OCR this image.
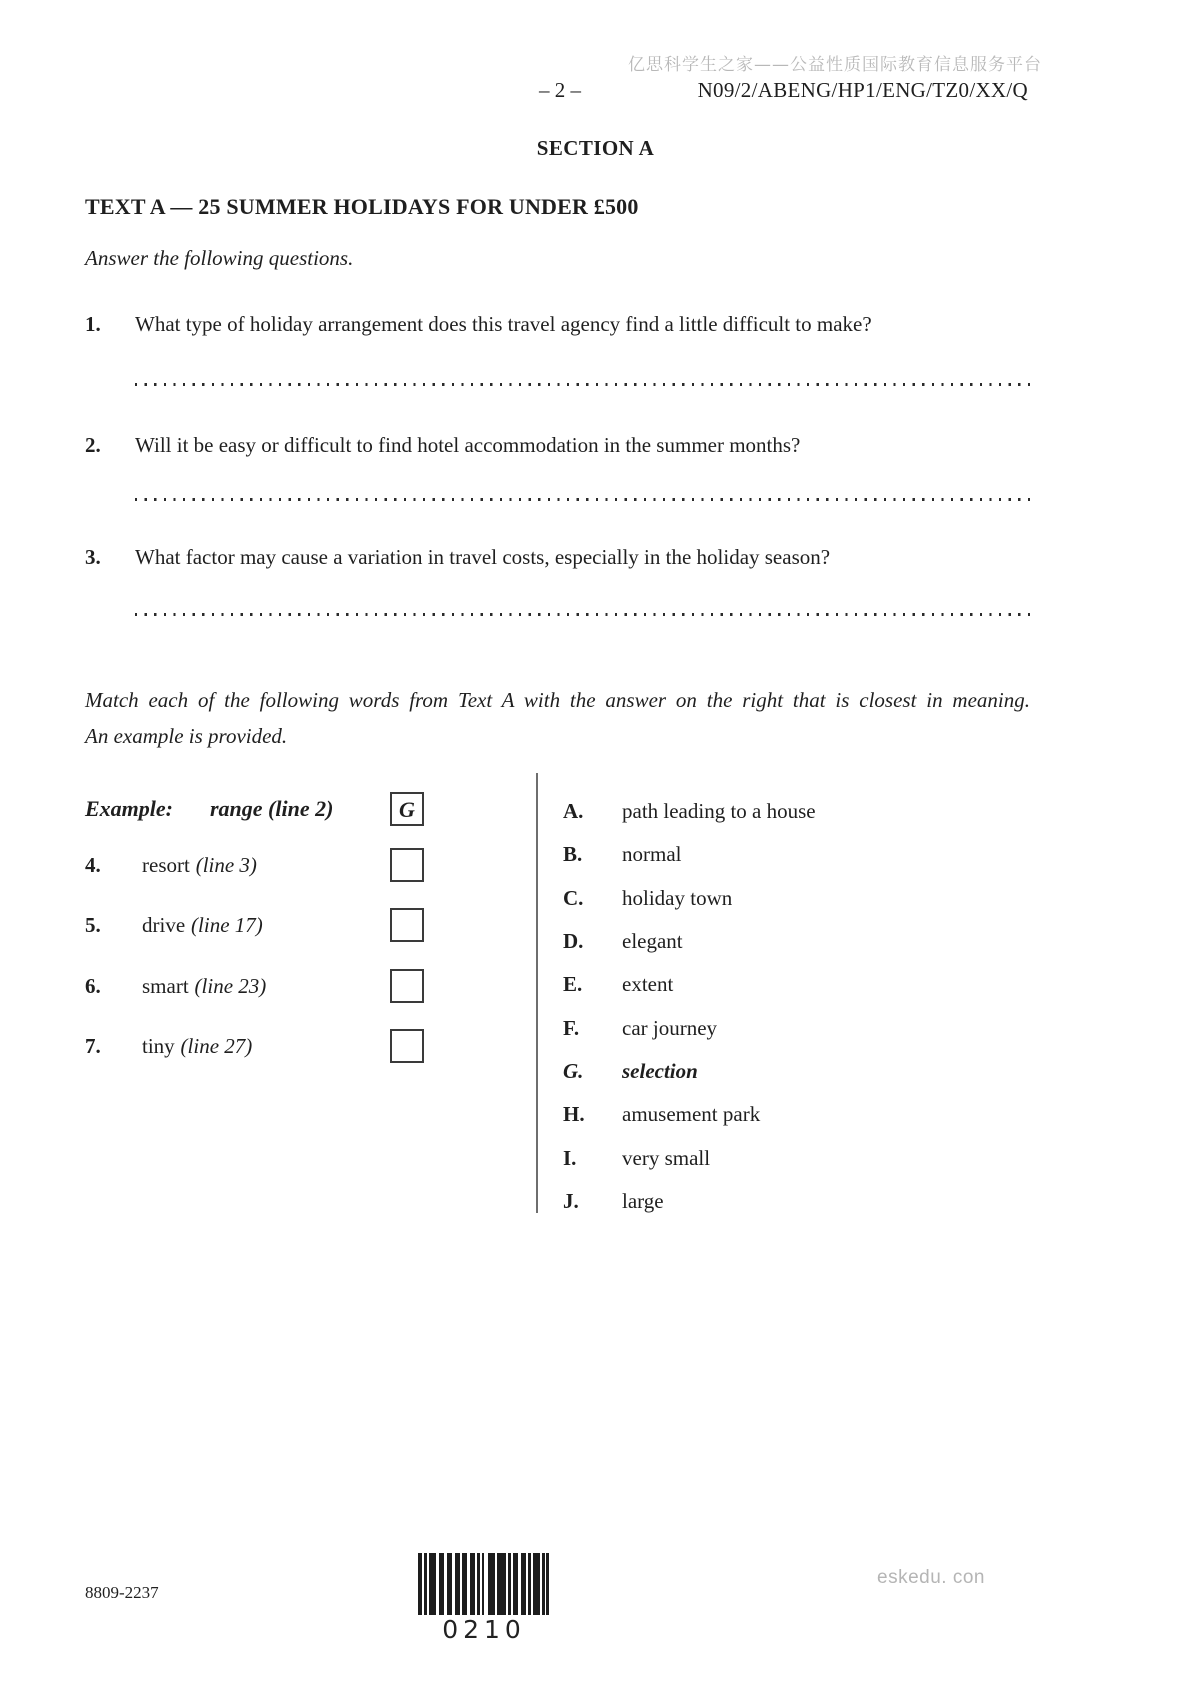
亿思科学生之家——公益性质国际教育信息服务平台
– 2 –	N09/2/ABENG/HP1/ENG/TZ0/XX/Q
SECTION A
TEXT A — 25 SUMMER HOLIDAYS FOR UNDER £500
Answer the following questions.
1. What type of holiday arrangement does this travel agency find a little difficult to make?
2. Will it be easy or difficult to find hotel accommodation in the summer months?
3. What factor may cause a variation in travel costs, especially in the holiday season?
Match each of the following words from Text A with the answer on the right that is closest in meaning.
An example is provided.
Example: range (line 2)	G
4. resort (line 3)
5. drive (line 17)
6. smart (line 23)
7. tiny (line 27)
A.	path leading to a house
B.	normal
C.	holiday town
D.	elegant
E.	extent
F.	car journey
G.	selection
H.	amusement park
I.	very small
J.	large
8809-2237
0210
eskedu. con
